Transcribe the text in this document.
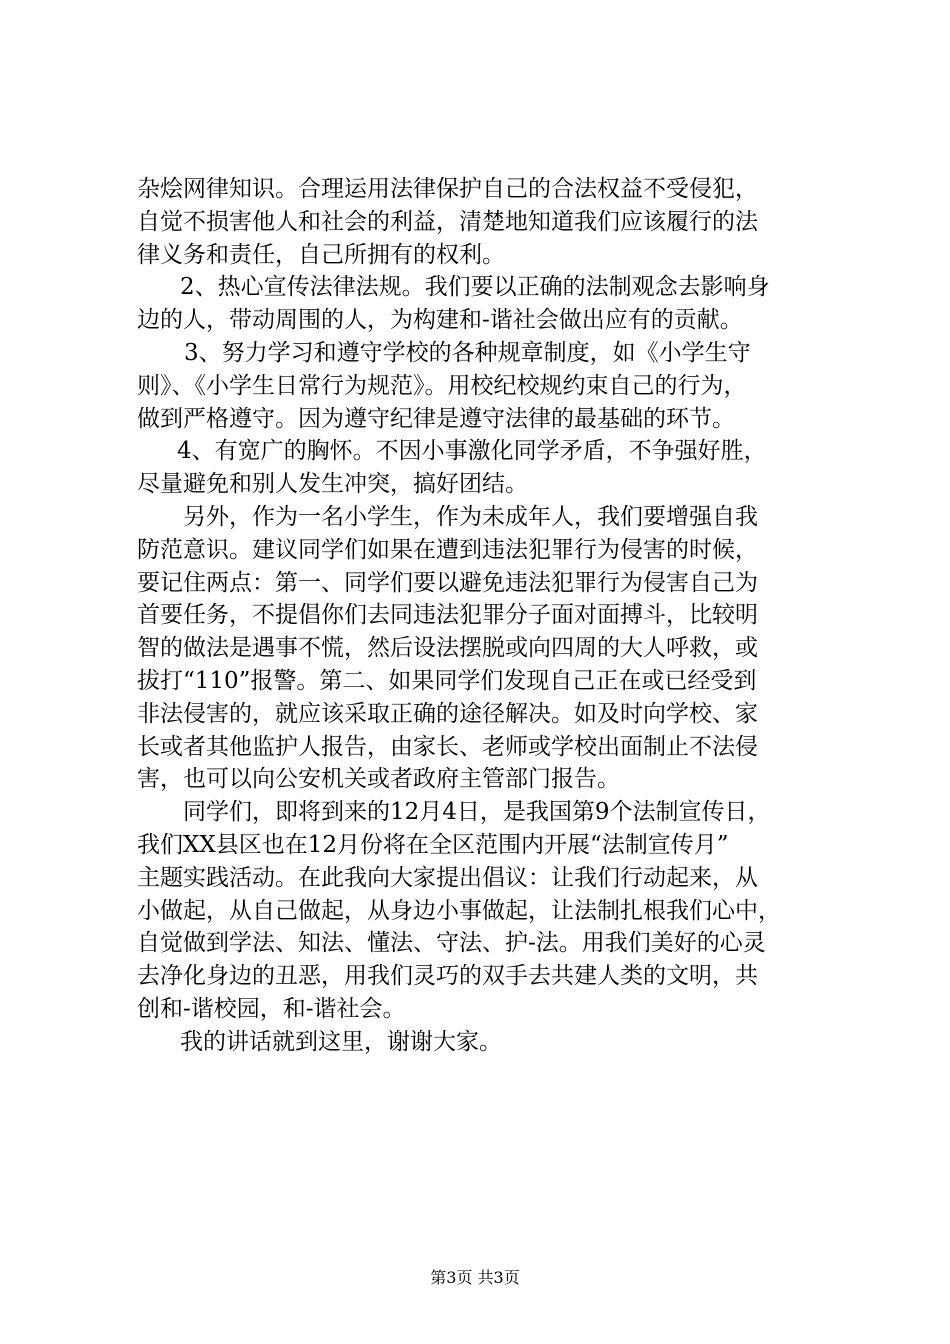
杂烩网律知识。合理运用法律保护自己的合法权益不受侵犯，
自觉不损害他人和社会的利益，清楚地知道我们应该履行的法
律义务和责任，自己所拥有的权利。
2、热心宣传法律法规。我们要以正确的法制观念去影响身
边的人，带动周围的人，为构建和-谐社会做出应有的贡献。
3、努力学习和遵守学校的各种规章制度，如《小学生守
则》、《小学生日常行为规范》。用校纪校规约束自己的行为，
做到严格遵守。因为遵守纪律是遵守法律的最基础的环节。
4、有宽广的胸怀。不因小事激化同学矛盾，不争强好胜，
尽量避免和别人发生冲突，搞好团结。
另外，作为一名小学生，作为未成年人，我们要增强自我
防范意识。建议同学们如果在遭到违法犯罪行为侵害的时候，
要记住两点：第一、同学们要以避免违法犯罪行为侵害自己为
首要任务，不提倡你们去同违法犯罪分子面对面搏斗，比较明
智的做法是遇事不慌，然后设法摆脱或向四周的大人呼救，或
拔打“110”报警。第二、如果同学们发现自己正在或已经受到
非法侵害的，就应该采取正确的途径解决。如及时向学校、家
长或者其他监护人报告，由家长、老师或学校出面制止不法侵
害，也可以向公安机关或者政府主管部门报告。
同学们，即将到来的12月4日，是我国第9个法制宣传日，
我们XX县区也在12月份将在全区范围内开展“法制宣传月”
主题实践活动。在此我向大家提出倡议：让我们行动起来，从
小做起，从自己做起，从身边小事做起，让法制扎根我们心中，
自觉做到学法、知法、懂法、守法、护-法。用我们美好的心灵
去净化身边的丑恶，用我们灵巧的双手去共建人类的文明，共
创和-谐校园，和-谐社会。
我的讲话就到这里，谢谢大家。
第3页 共3页
